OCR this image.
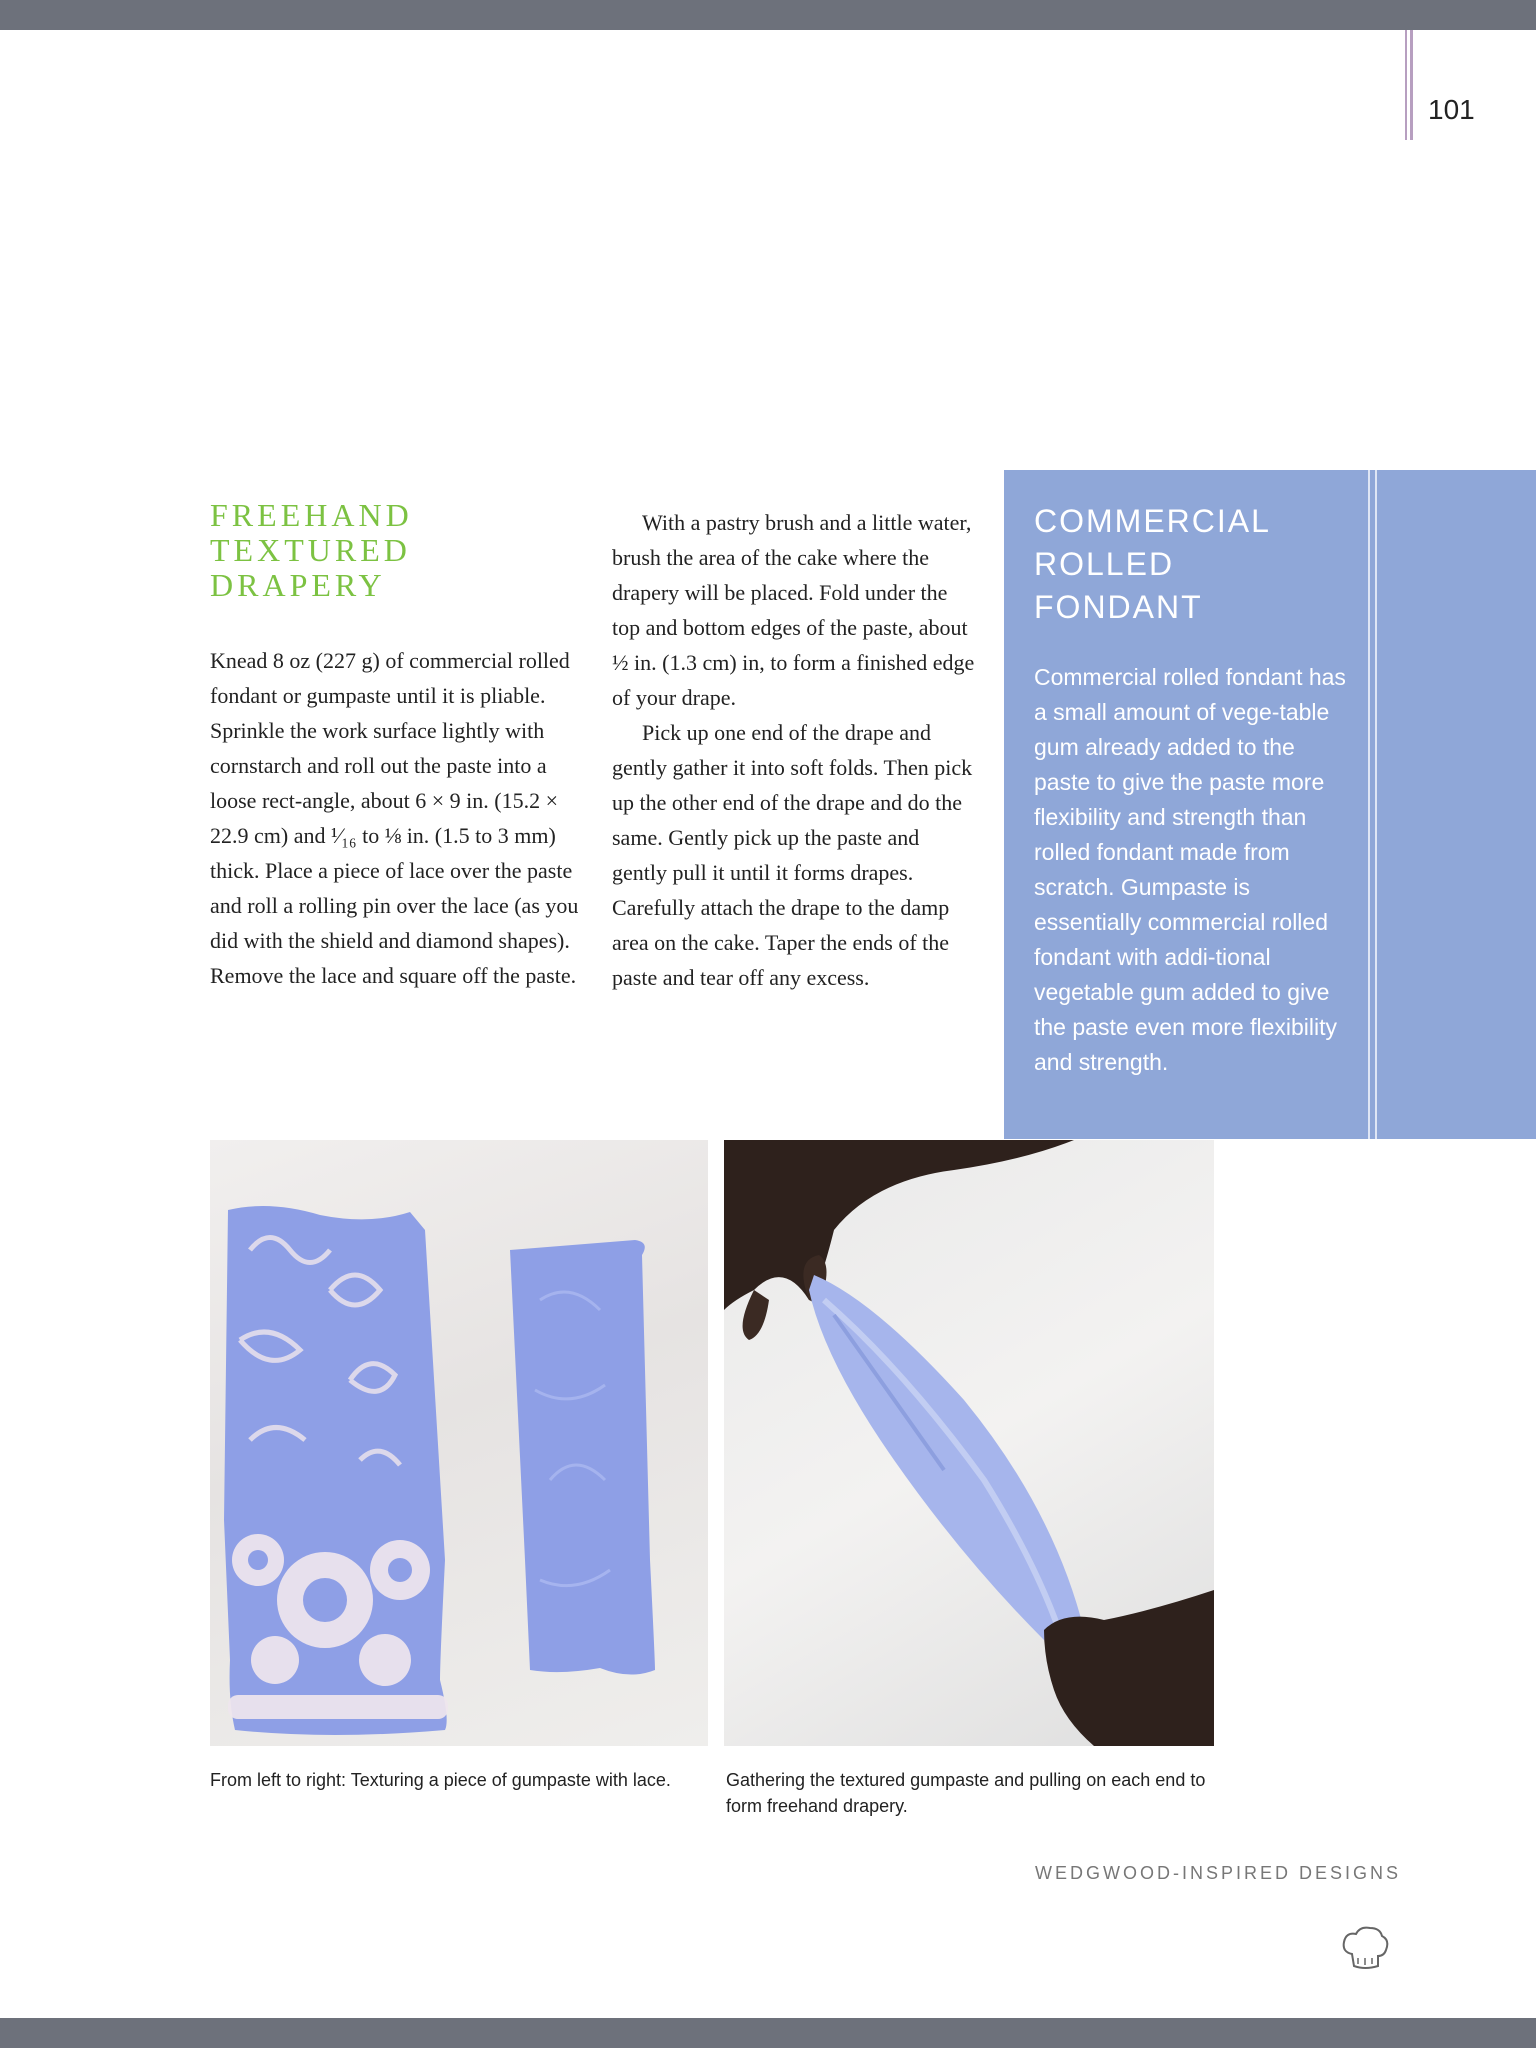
101
FREEHAND
TEXTURED
DRAPERY

Knead 8 oz (227 g) of commercial rolled fondant or gumpaste until it is pliable. Sprinkle the work surface lightly with cornstarch and roll out the paste into a loose rect-angle, about 6 × 9 in. (15.2 × 22.9 cm) and ¹⁄₁₆ to ⅛ in. (1.5 to 3 mm) thick. Place a piece of lace over the paste and roll a rolling pin over the lace (as you did with the shield and diamond shapes). Remove the lace and square off the paste.

With a pastry brush and a little water, brush the area of the cake where the drapery will be placed. Fold under the top and bottom edges of the paste, about ½ in. (1.3 cm) in, to form a finished edge of your drape.

Pick up one end of the drape and gently gather it into soft folds. Then pick up the other end of the drape and do the same. Gently pick up the paste and gently pull it until it forms drapes. Carefully attach the drape to the damp area on the cake. Taper the ends of the paste and tear off any excess.

COMMERCIAL
ROLLED
FONDANT

Commercial rolled fondant has a small amount of vege-table gum already added to the paste to give the paste more flexibility and strength than rolled fondant made from scratch. Gumpaste is essentially commercial rolled fondant with addi-tional vegetable gum added to give the paste even more flexibility and strength.

From left to right: Texturing a piece of gumpaste with lace.	Gathering the textured gumpaste and pulling on each end to form freehand drapery.

WEDGWOOD-INSPIRED DESIGNS
